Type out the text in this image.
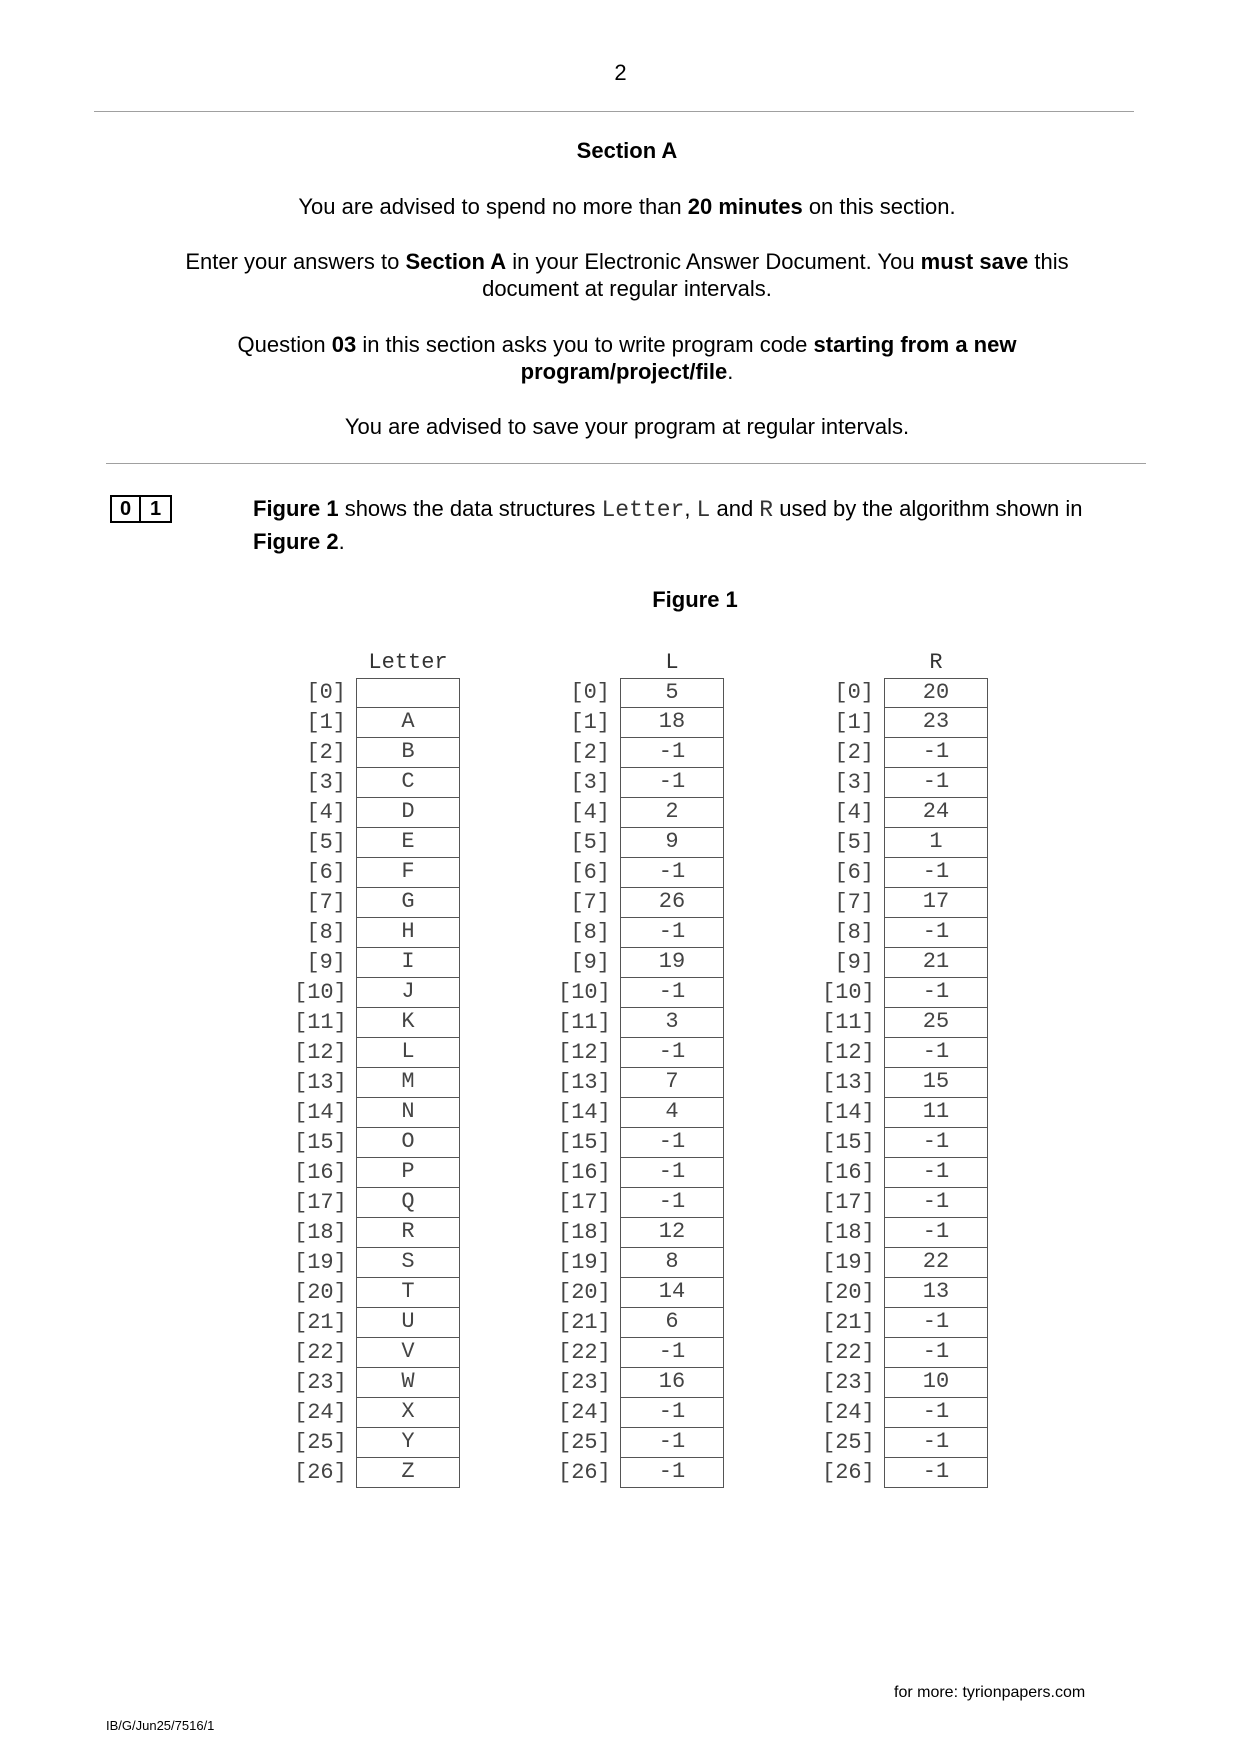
2
Section A
You are advised to spend no more than 20 minutes on this section.
Enter your answers to Section A in your Electronic Answer Document. You must save this document at regular intervals.
Question 03 in this section asks you to write program code starting from a new program/project/file.
You are advised to save your program at regular intervals.
0 1	Figure 1 shows the data structures Letter, L and R used by the algorithm shown in Figure 2.
Figure 1
Letter
[0]
[1]	A
[2]	B
[3]	C
[4]	D
[5]	E
[6]	F
[7]	G
[8]	H
[9]	I
[10]	J
[11]	K
[12]	L
[13]	M
[14]	N
[15]	O
[16]	P
[17]	Q
[18]	R
[19]	S
[20]	T
[21]	U
[22]	V
[23]	W
[24]	X
[25]	Y
[26]	Z
L
[0]	5
[1]	18
[2]	-1
[3]	-1
[4]	2
[5]	9
[6]	-1
[7]	26
[8]	-1
[9]	19
[10]	-1
[11]	3
[12]	-1
[13]	7
[14]	4
[15]	-1
[16]	-1
[17]	-1
[18]	12
[19]	8
[20]	14
[21]	6
[22]	-1
[23]	16
[24]	-1
[25]	-1
[26]	-1
R
[0]	20
[1]	23
[2]	-1
[3]	-1
[4]	24
[5]	1
[6]	-1
[7]	17
[8]	-1
[9]	21
[10]	-1
[11]	25
[12]	-1
[13]	15
[14]	11
[15]	-1
[16]	-1
[17]	-1
[18]	-1
[19]	22
[20]	13
[21]	-1
[22]	-1
[23]	10
[24]	-1
[25]	-1
[26]	-1
for more: tyrionpapers.com
IB/G/Jun25/7516/1
